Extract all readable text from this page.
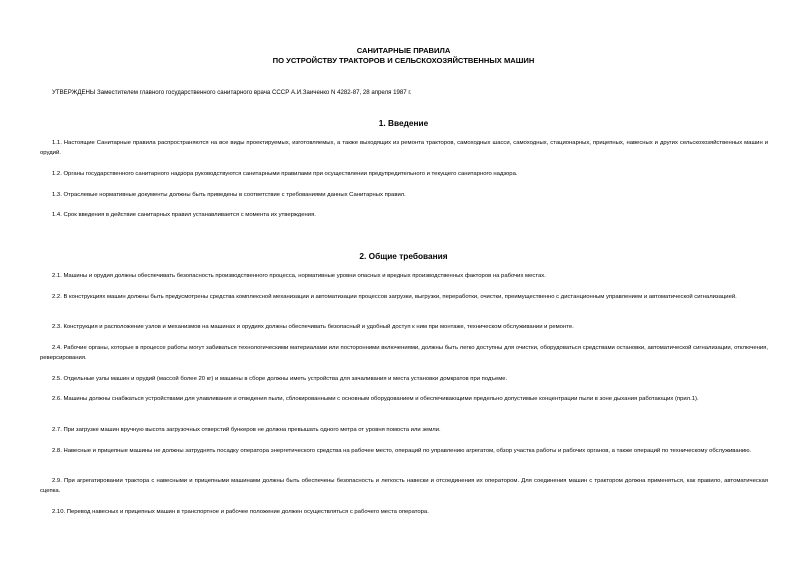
САНИТАРНЫЕ ПРАВИЛА
ПО УСТРОЙСТВУ ТРАКТОРОВ И СЕЛЬСКОХОЗЯЙСТВЕННЫХ МАШИН
УТВЕРЖДЕНЫ Заместителем главного государственного санитарного врача СССР А.И.Заиченко N 4282-87, 28 апреля 1987 г.
1. Введение
1.1. Настоящие Санитарные правила распространяются на все виды проектируемых, изготовляемых, а также выходящих из ремонта тракторов, самоходных шасси, самоходных, стационарных, прицепных, навесных и других сельскохозяйственных машин и орудий.
1.2. Органы государственного санитарного надзора руководствуются санитарными правилами при осуществлении предупредительного и текущего санитарного надзора.
1.3. Отраслевые нормативные документы должны быть приведены в соответствие с требованиями данных Санитарных правил.
1.4. Срок введения в действие санитарных правил устанавливается с момента их утверждения.
2. Общие требования
2.1. Машины и орудия должны обеспечивать безопасность производственного процесса, нормативные уровни опасных и вредных производственных факторов на рабочих местах.
2.2. В конструкциях машин должны быть предусмотрены средства комплексной механизации и автоматизации процессов загрузки, выгрузки, переработки, очистки, преимущественно с дистанционным управлением и автоматической сигнализацией.
2.3. Конструкция и расположение узлов и механизмов на машинах и орудиях должны обеспечивать безопасный и удобный доступ к ним при монтаже, техническом обслуживании и ремонте.
2.4. Рабочие органы, которые в процессе работы могут забиваться технологическими материалами или посторонними включениями, должны быть легко доступны для очистки, оборудоваться средствами остановки, автоматической сигнализации, отключения, реверсирования.
2.5. Отдельные узлы машин и орудий (массой более 20 кг) и машины в сборе должны иметь устройства для зачаливания и места установки домкратов при подъеме.
2.6. Машины должны снабжаться устройствами для улавливания и отведения пыли, сблокированными с основным оборудованием и обеспечивающими предельно допустимые концентрации пыли в зоне дыхания работающих (прил.1).
2.7. При загрузке машин вручную высота загрузочных отверстий бункеров не должна превышать одного метра от уровня помоста или земли.
2.8. Навесные и прицепные машины не должны затруднять посадку оператора энергетического средства на рабочее место, операций по управлению агрегатом, обзор участка работы и рабочих органов, а также операций по техническому обслуживанию.
2.9. При агрегатировании трактора с навесными и прицепными машинами должны быть обеспечены безопасность и легкость навески и отсоединения их оператором. Для соединения машин с трактором должна применяться, как правило, автоматическая сцепка.
2.10. Перевод навесных и прицепных машин в транспортное и рабочее положение должен осуществляться с рабочего места оператора.
